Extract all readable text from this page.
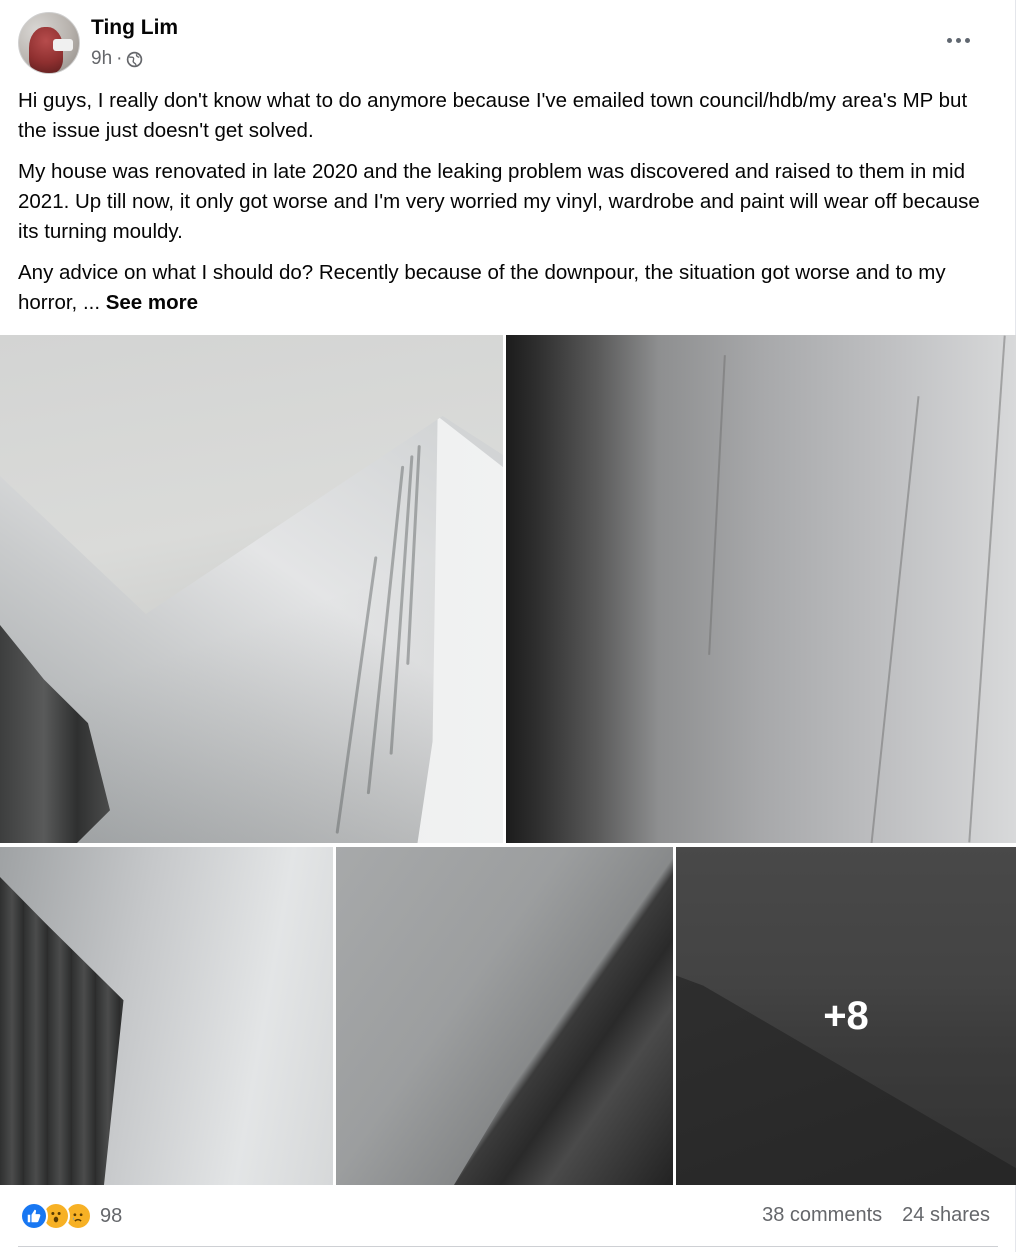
Ting Lim
9h ·

Hi guys, I really don't know what to do anymore because I've emailed town council/hdb/my area's MP but the issue just doesn't get solved.

My house was renovated in late 2020 and the leaking problem was discovered and raised to them in mid 2021. Up till now, it only got worse and I'm very worried my vinyl, wardrobe and paint will wear off because its turning mouldy.

Any advice on what I should do? Recently because of the downpour, the situation got worse and to my horror, ... See more

+8
98	38 comments 24 shares
